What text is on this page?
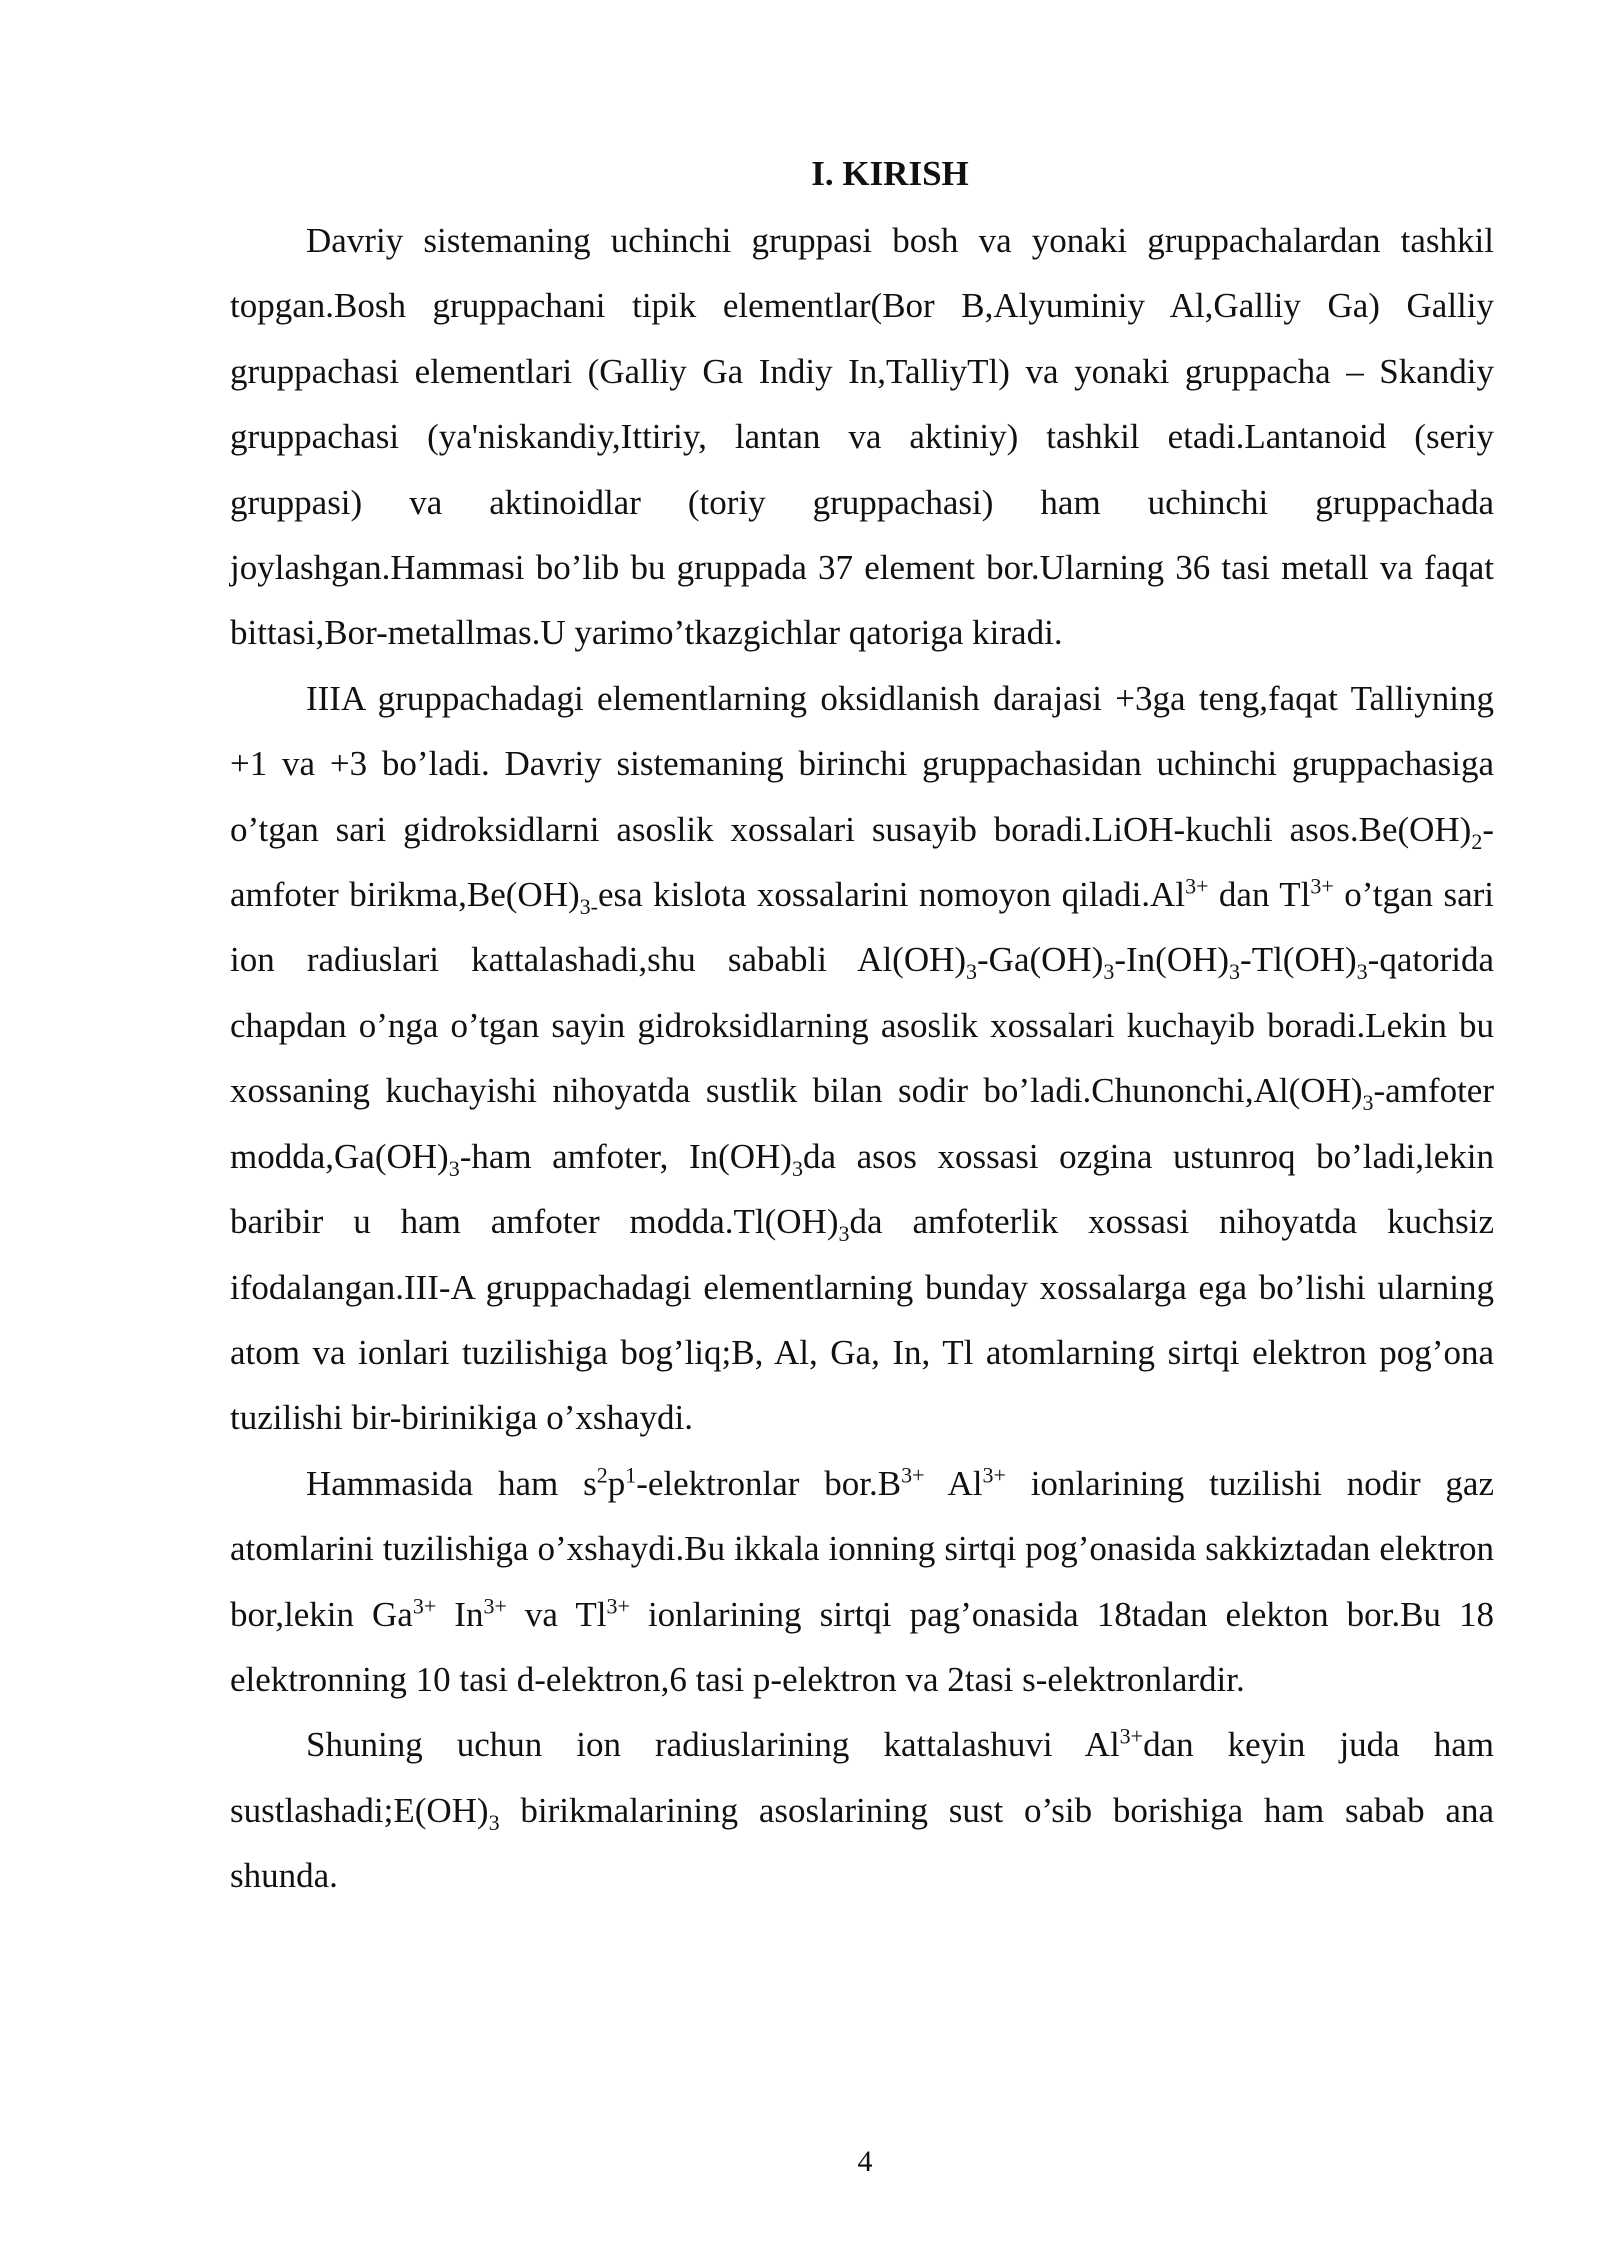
I. KIRISH

Davriy sistemaning uchinchi gruppasi bosh va yonaki gruppachalardan tashkil topgan.Bosh gruppachani tipik elementlar(Bor B,Alyuminiy Al,Galliy Ga) Galliy gruppachasi elementlari (Galliy Ga Indiy In,TalliyTl) va yonaki gruppacha – Skandiy gruppachasi (ya'niskandiy,Ittiriy, lantan va aktiniy) tashkil etadi.Lantanoid (seriy gruppasi) va aktinoidlar (toriy gruppachasi) ham uchinchi gruppachada joylashgan.Hammasi bo’lib bu gruppada 37 element bor.Ularning 36 tasi metall va faqat bittasi,Bor-metallmas.U yarimo’tkazgichlar qatoriga kiradi.

IIIA gruppachadagi elementlarning oksidlanish darajasi +3ga teng,faqat Talliyning +1 va +3 bo’ladi. Davriy sistemaning birinchi gruppachasidan uchinchi gruppachasiga o’tgan sari gidroksidlarni asoslik xossalari susayib boradi.LiOH-kuchli $asos.Be(OH)_2$-amfoter $birikma,Be(OH)_{3-}esa$ kislota xossalarini nomoyon $qiladi.Al^{3+}$ dan $Tl^{3+}$ o’tgan sari ion radiuslari kattalashadi,shu sababli $Al(OH)_3-Ga(OH)_3-In(OH)_3-Tl(OH)_3$-qatorida chapdan o’nga o’tgan sayin gidroksidlarning asoslik xossalari kuchayib boradi.Lekin bu xossaning kuchayishi nihoyatda sustlik bilan sodir $bo’ladi.Chunonchi,Al(OH)_3$-amfoter $modda,Ga(OH)_3$-ham amfoter, $In(OH)_3da$ asos xossasi ozgina ustunroq bo’ladi,lekin baribir u ham amfoter $modda.Tl(OH)_3da$ amfoterlik xossasi nihoyatda kuchsiz ifodalangan.III-A gruppachadagi elementlarning bunday xossalarga ega bo’lishi ularning atom va ionlari tuzilishiga bog’liq;B, Al, Ga, In, Tl atomlarning sirtqi elektron pog’ona tuzilishi bir-birinikiga o’xshaydi.

Hammasida ham $s^2p^1$-elektronlar $bor.B^{3+}$ $Al^{3+}$ ionlarining tuzilishi nodir gaz atomlarini tuzilishiga o’xshaydi.Bu ikkala ionning sirtqi pog’onasida sakkiztadan elektron bor,lekin $Ga^{3+}$ $In^{3+}$ va $Tl^{3+}$ ionlarining sirtqi pag’onasida 18tadan elekton bor.Bu 18 elektronning 10 tasi d-elektron,6 tasi p-elektron va 2tasi s-elektronlardir.

Shuning uchun ion radiuslarining kattalashuvi $Al^{3+}dan$ keyin juda ham $sustlashadi;E(OH)_3$ birikmalarining asoslarining sust o’sib borishiga ham sabab ana shunda.

4
